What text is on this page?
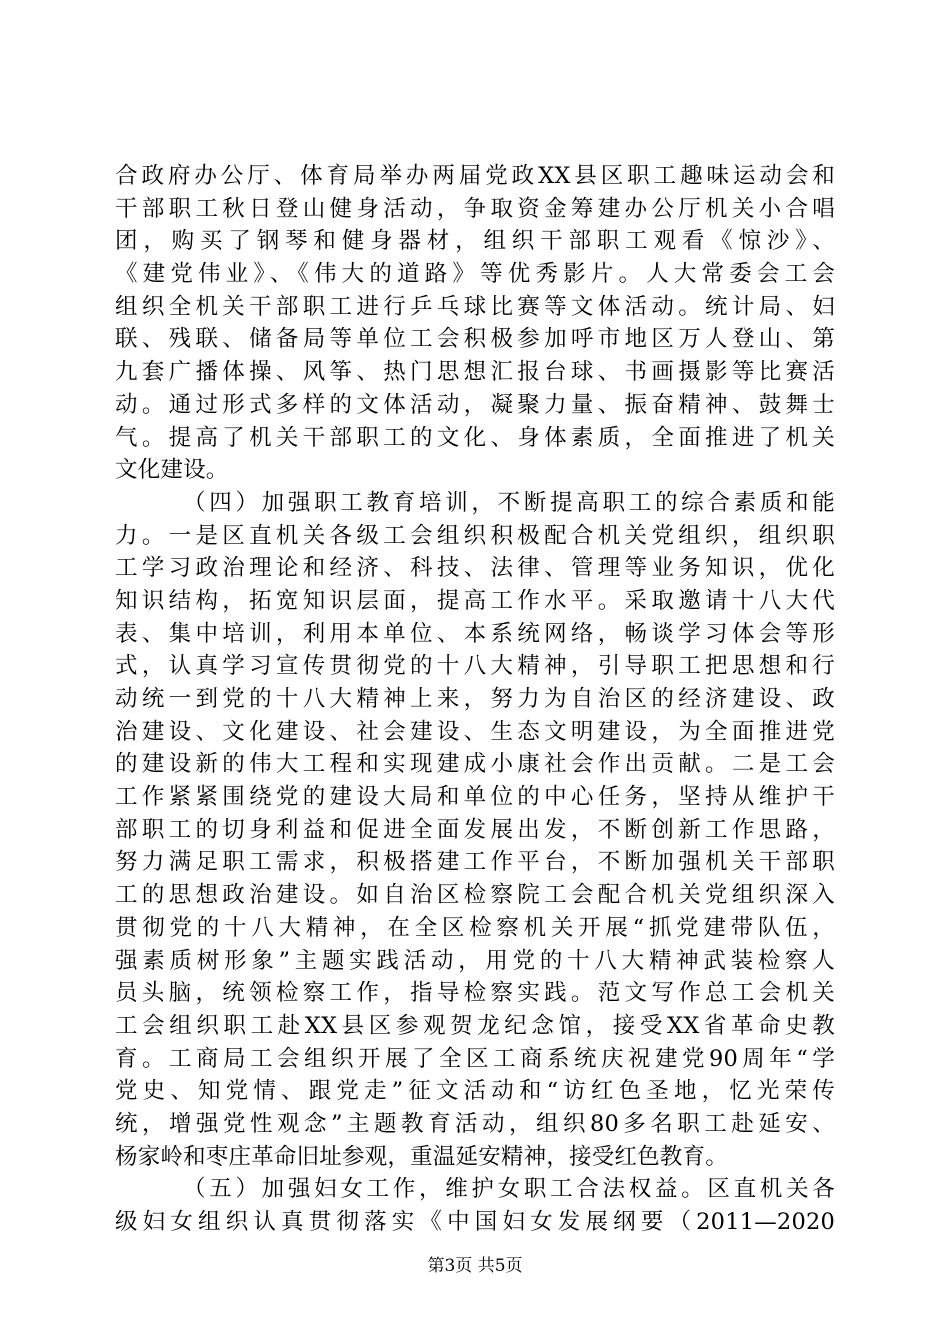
合政府办公厅、体育局举办两届党政XX县区职工趣味运动会和
干部职工秋日登山健身活动，争取资金筹建办公厅机关小合唱
团，购买了钢琴和健身器材，组织干部职工观看《惊沙》、
《建党伟业》、《伟大的道路》等优秀影片。人大常委会工会
组织全机关干部职工进行乒乓球比赛等文体活动。统计局、妇
联、残联、储备局等单位工会积极参加呼市地区万人登山、第
九套广播体操、风筝、热门思想汇报台球、书画摄影等比赛活
动。通过形式多样的文体活动，凝聚力量、振奋精神、鼓舞士
气。提高了机关干部职工的文化、身体素质，全面推进了机关
文化建设。
（四）加强职工教育培训，不断提高职工的综合素质和能
力。一是区直机关各级工会组织积极配合机关党组织，组织职
工学习政治理论和经济、科技、法律、管理等业务知识，优化
知识结构，拓宽知识层面，提高工作水平。采取邀请十八大代
表、集中培训，利用本单位、本系统网络，畅谈学习体会等形
式，认真学习宣传贯彻党的十八大精神，引导职工把思想和行
动统一到党的十八大精神上来，努力为自治区的经济建设、政
治建设、文化建设、社会建设、生态文明建设，为全面推进党
的建设新的伟大工程和实现建成小康社会作出贡献。二是工会
工作紧紧围绕党的建设大局和单位的中心任务，坚持从维护干
部职工的切身利益和促进全面发展出发，不断创新工作思路，
努力满足职工需求，积极搭建工作平台，不断加强机关干部职
工的思想政治建设。如自治区检察院工会配合机关党组织深入
贯彻党的十八大精神，在全区检察机关开展“抓党建带队伍，
强素质树形象”主题实践活动，用党的十八大精神武装检察人
员头脑，统领检察工作，指导检察实践。范文写作总工会机关
工会组织职工赴XX县区参观贺龙纪念馆，接受XX省革命史教
育。工商局工会组织开展了全区工商系统庆祝建党90周年“学
党史、知党情、跟党走”征文活动和“访红色圣地，忆光荣传
统，增强党性观念”主题教育活动，组织80多名职工赴延安、
杨家岭和枣庄革命旧址参观，重温延安精神，接受红色教育。
（五）加强妇女工作，维护女职工合法权益。区直机关各
级妇女组织认真贯彻落实《中国妇女发展纲要（2011—2020
第3页 共5页
